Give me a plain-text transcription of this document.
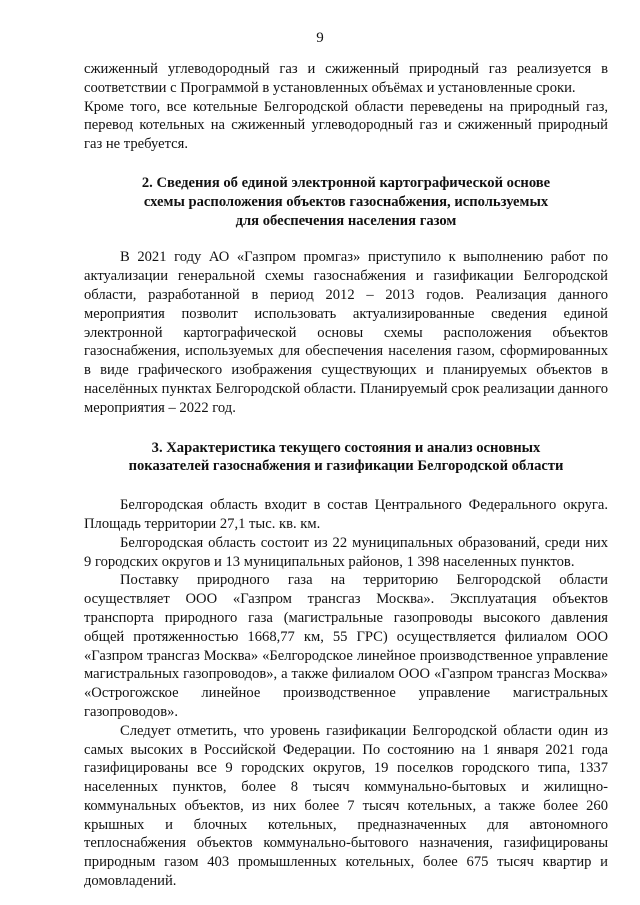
9

сжиженный углеводородный газ и сжиженный природный газ реализуется в соответствии с Программой в установленных объёмах и установленные сроки.

Кроме того, все котельные Белгородской области переведены на природный газ, перевод котельных на сжиженный углеводородный газ и сжиженный природный газ не требуется.

2. Сведения об единой электронной картографической основе
схемы расположения объектов газоснабжения, используемых
для обеспечения населения газом

В 2021 году АО «Газпром промгаз» приступило к выполнению работ по актуализации генеральной схемы газоснабжения и газификации Белгородской области, разработанной в период 2012 – 2013 годов. Реализация данного мероприятия позволит использовать актуализированные сведения единой электронной картографической основы схемы расположения объектов газоснабжения, используемых для обеспечения населения газом, сформированных в виде графического изображения существующих и планируемых объектов в населённых пунктах Белгородской области. Планируемый срок реализации данного мероприятия – 2022 год.

3. Характеристика текущего состояния и анализ основных
показателей газоснабжения и газификации Белгородской области

Белгородская область входит в состав Центрального Федерального округа. Площадь территории 27,1 тыс. кв. км.

Белгородская область состоит из 22 муниципальных образований, среди них 9 городских округов и 13 муниципальных районов, 1 398 населенных пунктов.

Поставку природного газа на территорию Белгородской области осуществляет ООО «Газпром трансгаз Москва». Эксплуатация объектов транспорта природного газа (магистральные газопроводы высокого давления общей протяженностью 1668,77 км, 55 ГРС) осуществляется филиалом ООО «Газпром трансгаз Москва» «Белгородское линейное производственное управление магистральных газопроводов», а также филиалом ООО «Газпром трансгаз Москва» «Острогожское линейное производственное управление магистральных газопроводов».

Следует отметить, что уровень газификации Белгородской области один из самых высоких в Российской Федерации. По состоянию на 1 января 2021 года газифицированы все 9 городских округов, 19 поселков городского типа, 1337 населенных пунктов, более 8 тысяч коммунально-бытовых и жилищно-коммунальных объектов, из них более 7 тысяч котельных, а также более 260 крышных и блочных котельных, предназначенных для автономного теплоснабжения объектов коммунально-бытового назначения, газифицированы природным газом 403 промышленных котельных, более 675 тысяч квартир и домовладений.
